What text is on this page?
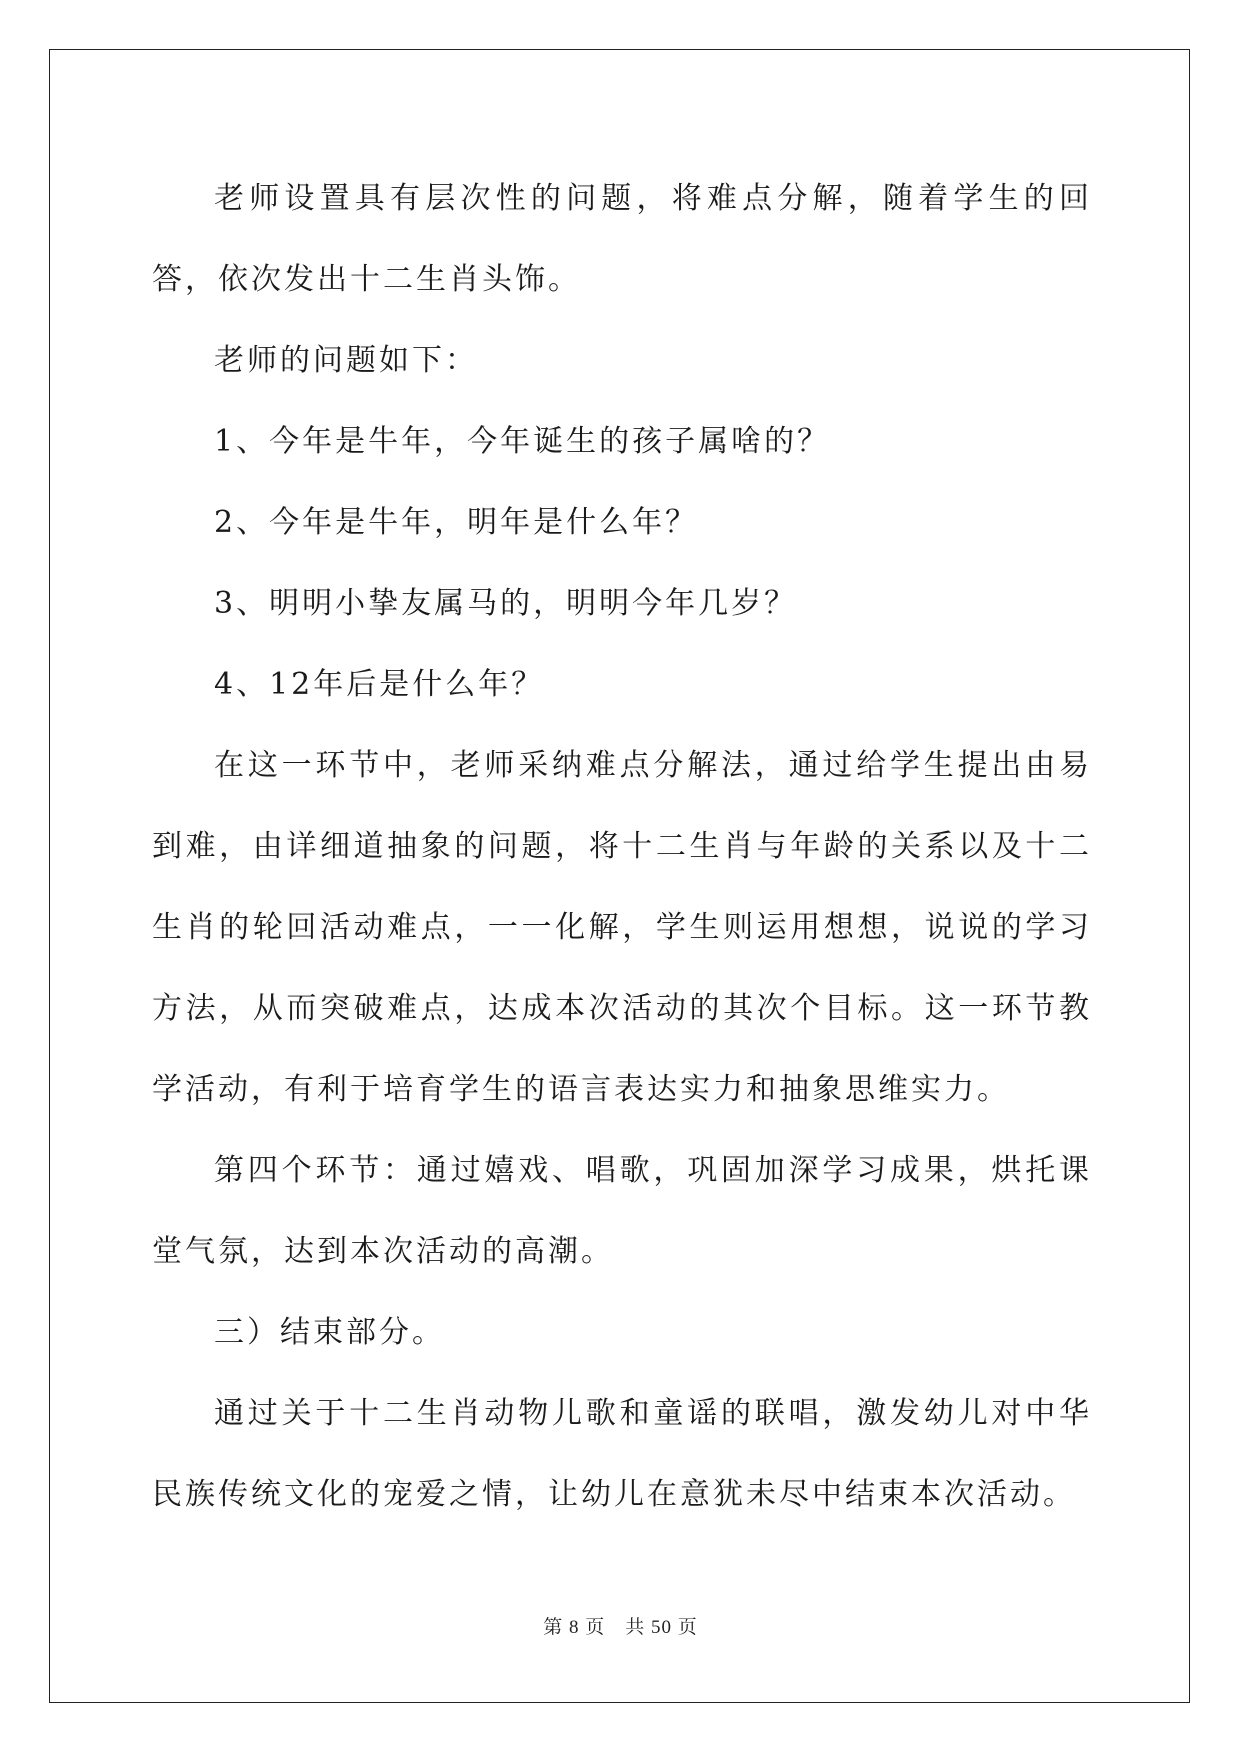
老师设置具有层次性的问题，将难点分解，随着学生的回答，依次发出十二生肖头饰。

老师的问题如下：

1、今年是牛年，今年诞生的孩子属啥的？

2、今年是牛年，明年是什么年？

3、明明小挚友属马的，明明今年几岁？

4、12年后是什么年？

在这一环节中，老师采纳难点分解法，通过给学生提出由易到难，由详细道抽象的问题，将十二生肖与年龄的关系以及十二生肖的轮回活动难点，一一化解，学生则运用想想，说说的学习方法，从而突破难点，达成本次活动的其次个目标。这一环节教学活动，有利于培育学生的语言表达实力和抽象思维实力。

第四个环节：通过嬉戏、唱歌，巩固加深学习成果，烘托课堂气氛，达到本次活动的高潮。

三）结束部分。

通过关于十二生肖动物儿歌和童谣的联唱，激发幼儿对中华民族传统文化的宠爱之情，让幼儿在意犹未尽中结束本次活动。

第 8 页　共 50 页
